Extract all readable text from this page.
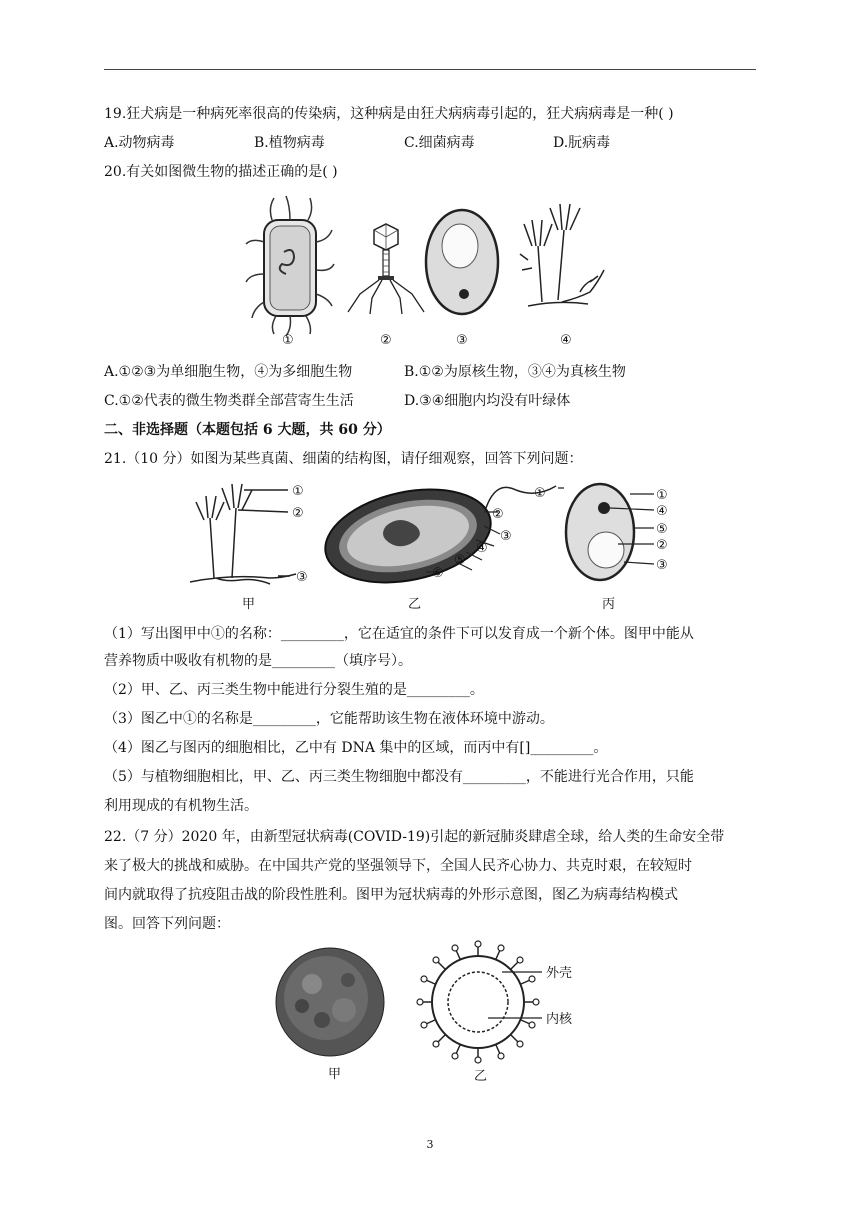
19.狂犬病是一种病死率很高的传染病，这种病是由狂犬病病毒引起的，狂犬病病毒是一种( )
A.动物病毒	B.植物病毒	C.细菌病毒	D.朊病毒
20.有关如图微生物的描述正确的是( )
①	②	③	④
A.①②③为单细胞生物，④为多细胞生物	B.①②为原核生物，③④为真核生物
C.①②代表的微生物类群全部营寄生生活	D.③④细胞内均没有叶绿体
二、非选择题（本题包括 6 大题，共 60 分）
21.（10 分）如图为某些真菌、细菌的结构图，请仔细观察，回答下列问题：
①
②
③
甲
①
②
③
④
⑤
⑥
乙
①
④
⑤
②
③
丙
（1）写出图甲中①的名称：_________，它在适宜的条件下可以发育成一个新个体。图甲中能从
营养物质中吸收有机物的是_________（填序号）。
（2）甲、乙、丙三类生物中能进行分裂生殖的是_________。
（3）图乙中①的名称是_________，它能帮助该生物在液体环境中游动。
（4）图乙与图丙的细胞相比，乙中有 DNA 集中的区域，而丙中有[]_________。
（5）与植物细胞相比，甲、乙、丙三类生物细胞中都没有_________，不能进行光合作用，只能
利用现成的有机物生活。
22.（7 分）2020 年，由新型冠状病毒(COVID-19)引起的新冠肺炎肆虐全球，给人类的生命安全带
来了极大的挑战和威胁。在中国共产党的坚强领导下，全国人民齐心协力、共克时艰，在较短时
间内就取得了抗疫阻击战的阶段性胜利。图甲为冠状病毒的外形示意图，图乙为病毒结构模式
图。回答下列问题：
甲
外壳
内核
乙
3
